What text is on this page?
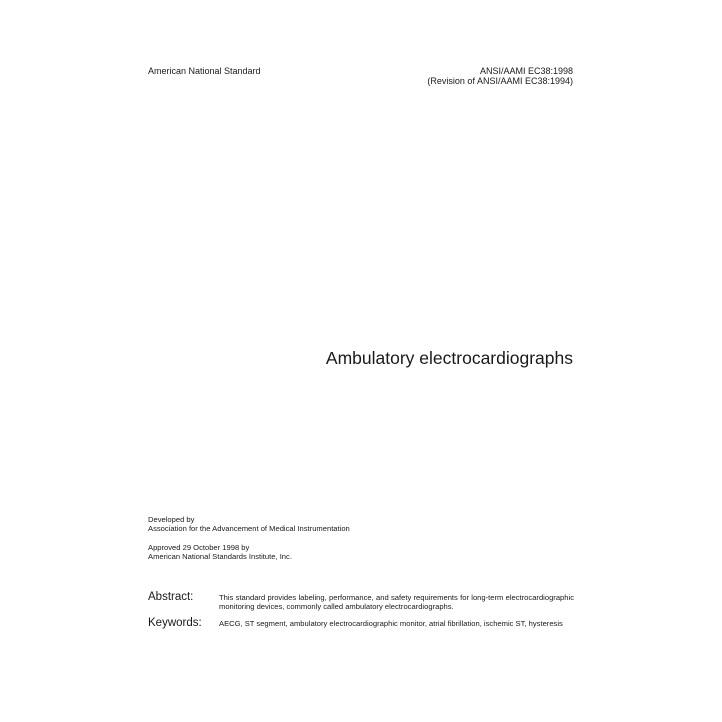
American National Standard	ANSI/AAMI EC38:1998
(Revision of ANSI/AAMI EC38:1994)
Ambulatory electrocardiographs
Developed by
Association for the Advancement of Medical Instrumentation
Approved 29 October 1998 by
American National Standards Institute, Inc.
Abstract:	This standard provides labeling, performance, and safety requirements for long-term electrocardiographic monitoring devices, commonly called ambulatory electrocardiographs.
Keywords:	AECG, ST segment, ambulatory electrocardiographic monitor, atrial fibrillation, ischemic ST, hysteresis
